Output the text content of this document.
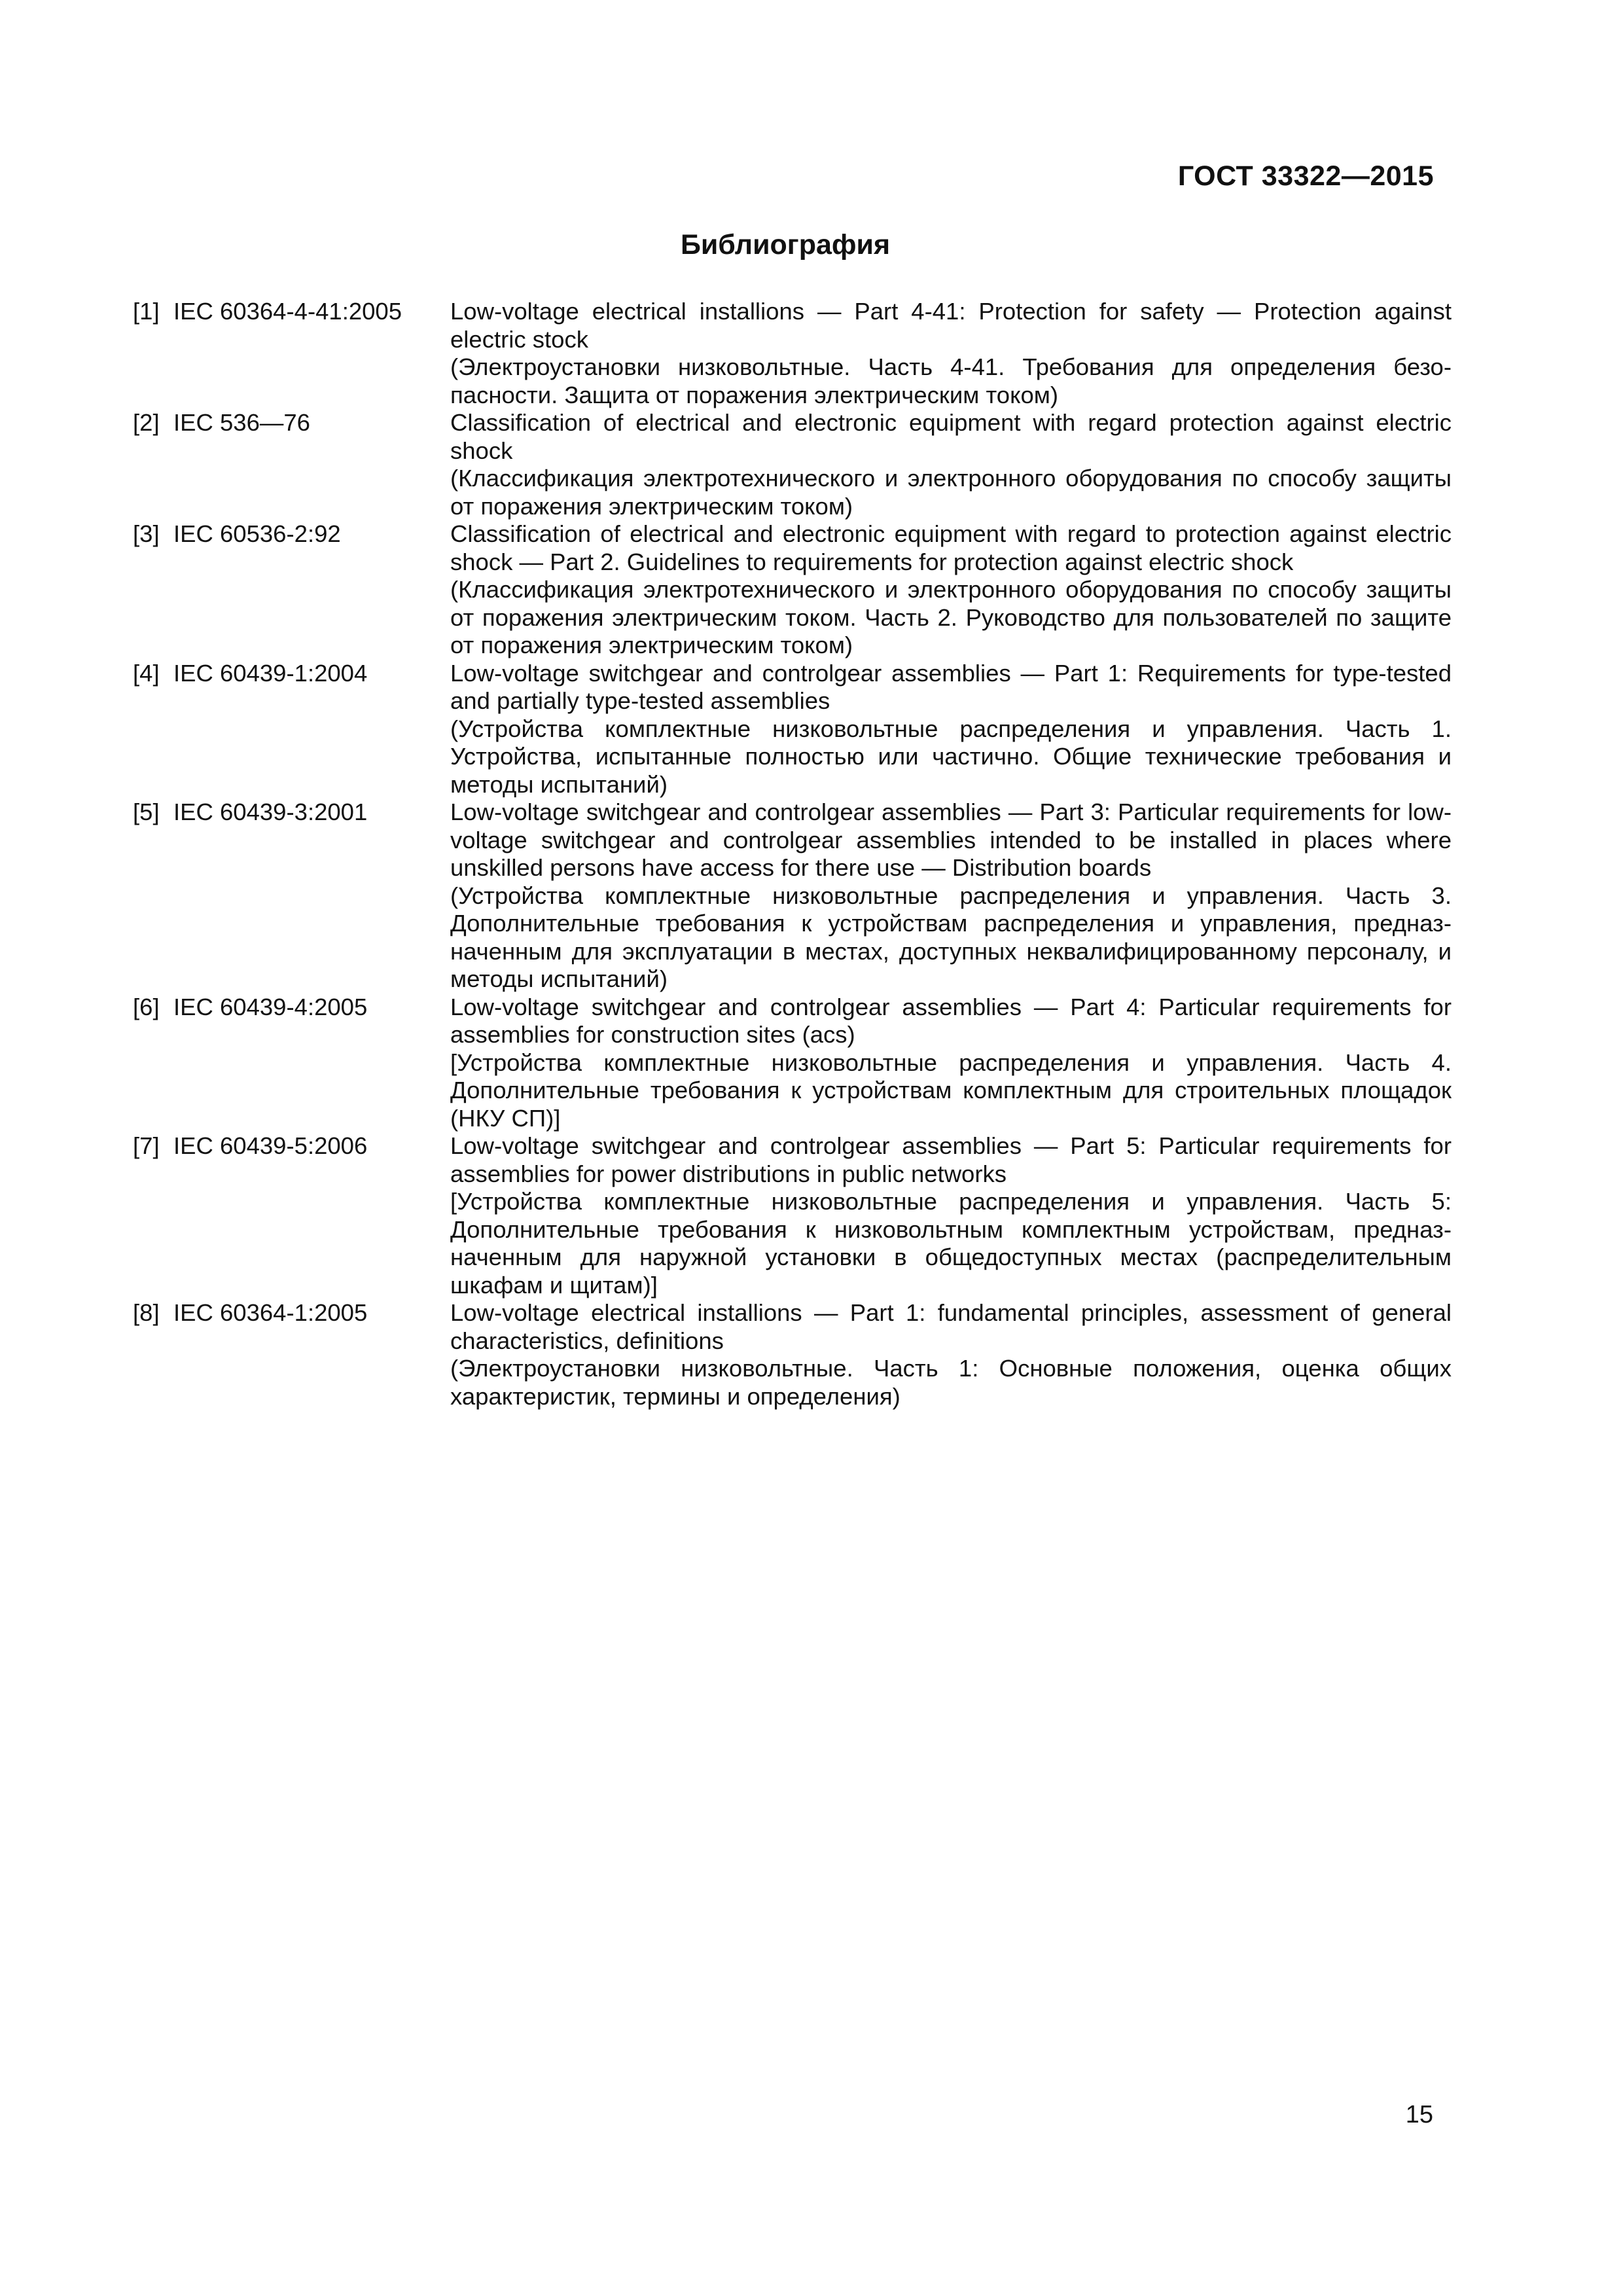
ГОСТ 33322—2015
Библиография
[1] IEC 60364-4-41:2005	Low-voltage electrical installions — Part 4-41: Protection for safety — Protection against electric stock

(Электроустановки низковольтные. Часть 4-41. Требования для определения безопасности. Защита от поражения электрическим током)

[2] IEC 536—76	Classification of electrical and electronic equipment with regard protection against electric shock

(Классификация электротехнического и электронного оборудования по способу защиты от поражения электрическим током)

[3] IEC 60536-2:92	Classification of electrical and electronic equipment with regard to protection against electric shock — Part 2. Guidelines to requirements for protection against electric shock

(Классификация электротехнического и электронного оборудования по способу защиты от поражения электрическим током. Часть 2. Руководство для пользователей по защите от поражения электрическим током)

[4] IEC 60439-1:2004	Low-voltage switchgear and controlgear assemblies — Part 1: Requirements for type-tested and partially type-tested assemblies

(Устройства комплектные низковольтные распределения и управления. Часть 1. Устройства, испытанные полностью или частично. Общие технические требования и методы испытаний)

[5] IEC 60439-3:2001	Low-voltage switchgear and controlgear assemblies — Part 3: Particular requirements for low-voltage switchgear and controlgear assemblies intended to be installed in places where unskilled persons have access for there use — Distribution boards

(Устройства комплектные низковольтные распределения и управления. Часть 3. Дополнительные требования к устройствам распределения и управления, предназначенным для эксплуатации в местах, доступных неквалифицированному персоналу, и методы испытаний)

[6] IEC 60439-4:2005	Low-voltage switchgear and controlgear assemblies — Part 4: Particular requirements for assemblies for construction sites (acs)

[Устройства комплектные низковольтные распределения и управления. Часть 4. Дополнительные требования к устройствам комплектным для строительных площадок (НКУ СП)]

[7] IEC 60439-5:2006	Low-voltage switchgear and controlgear assemblies — Part 5: Particular requirements for assemblies for power distributions in public networks

[Устройства комплектные низковольтные распределения и управления. Часть 5: Дополнительные требования к низковольтным комплектным устройствам, предназначенным для наружной установки в общедоступных местах (распределительным шкафам и щитам)]

[8] IEC 60364-1:2005	Low-voltage electrical installions — Part 1: fundamental principles, assessment of general characteristics, definitions

(Электроустановки низковольтные. Часть 1: Основные положения, оценка общих характеристик, термины и определения)

15
